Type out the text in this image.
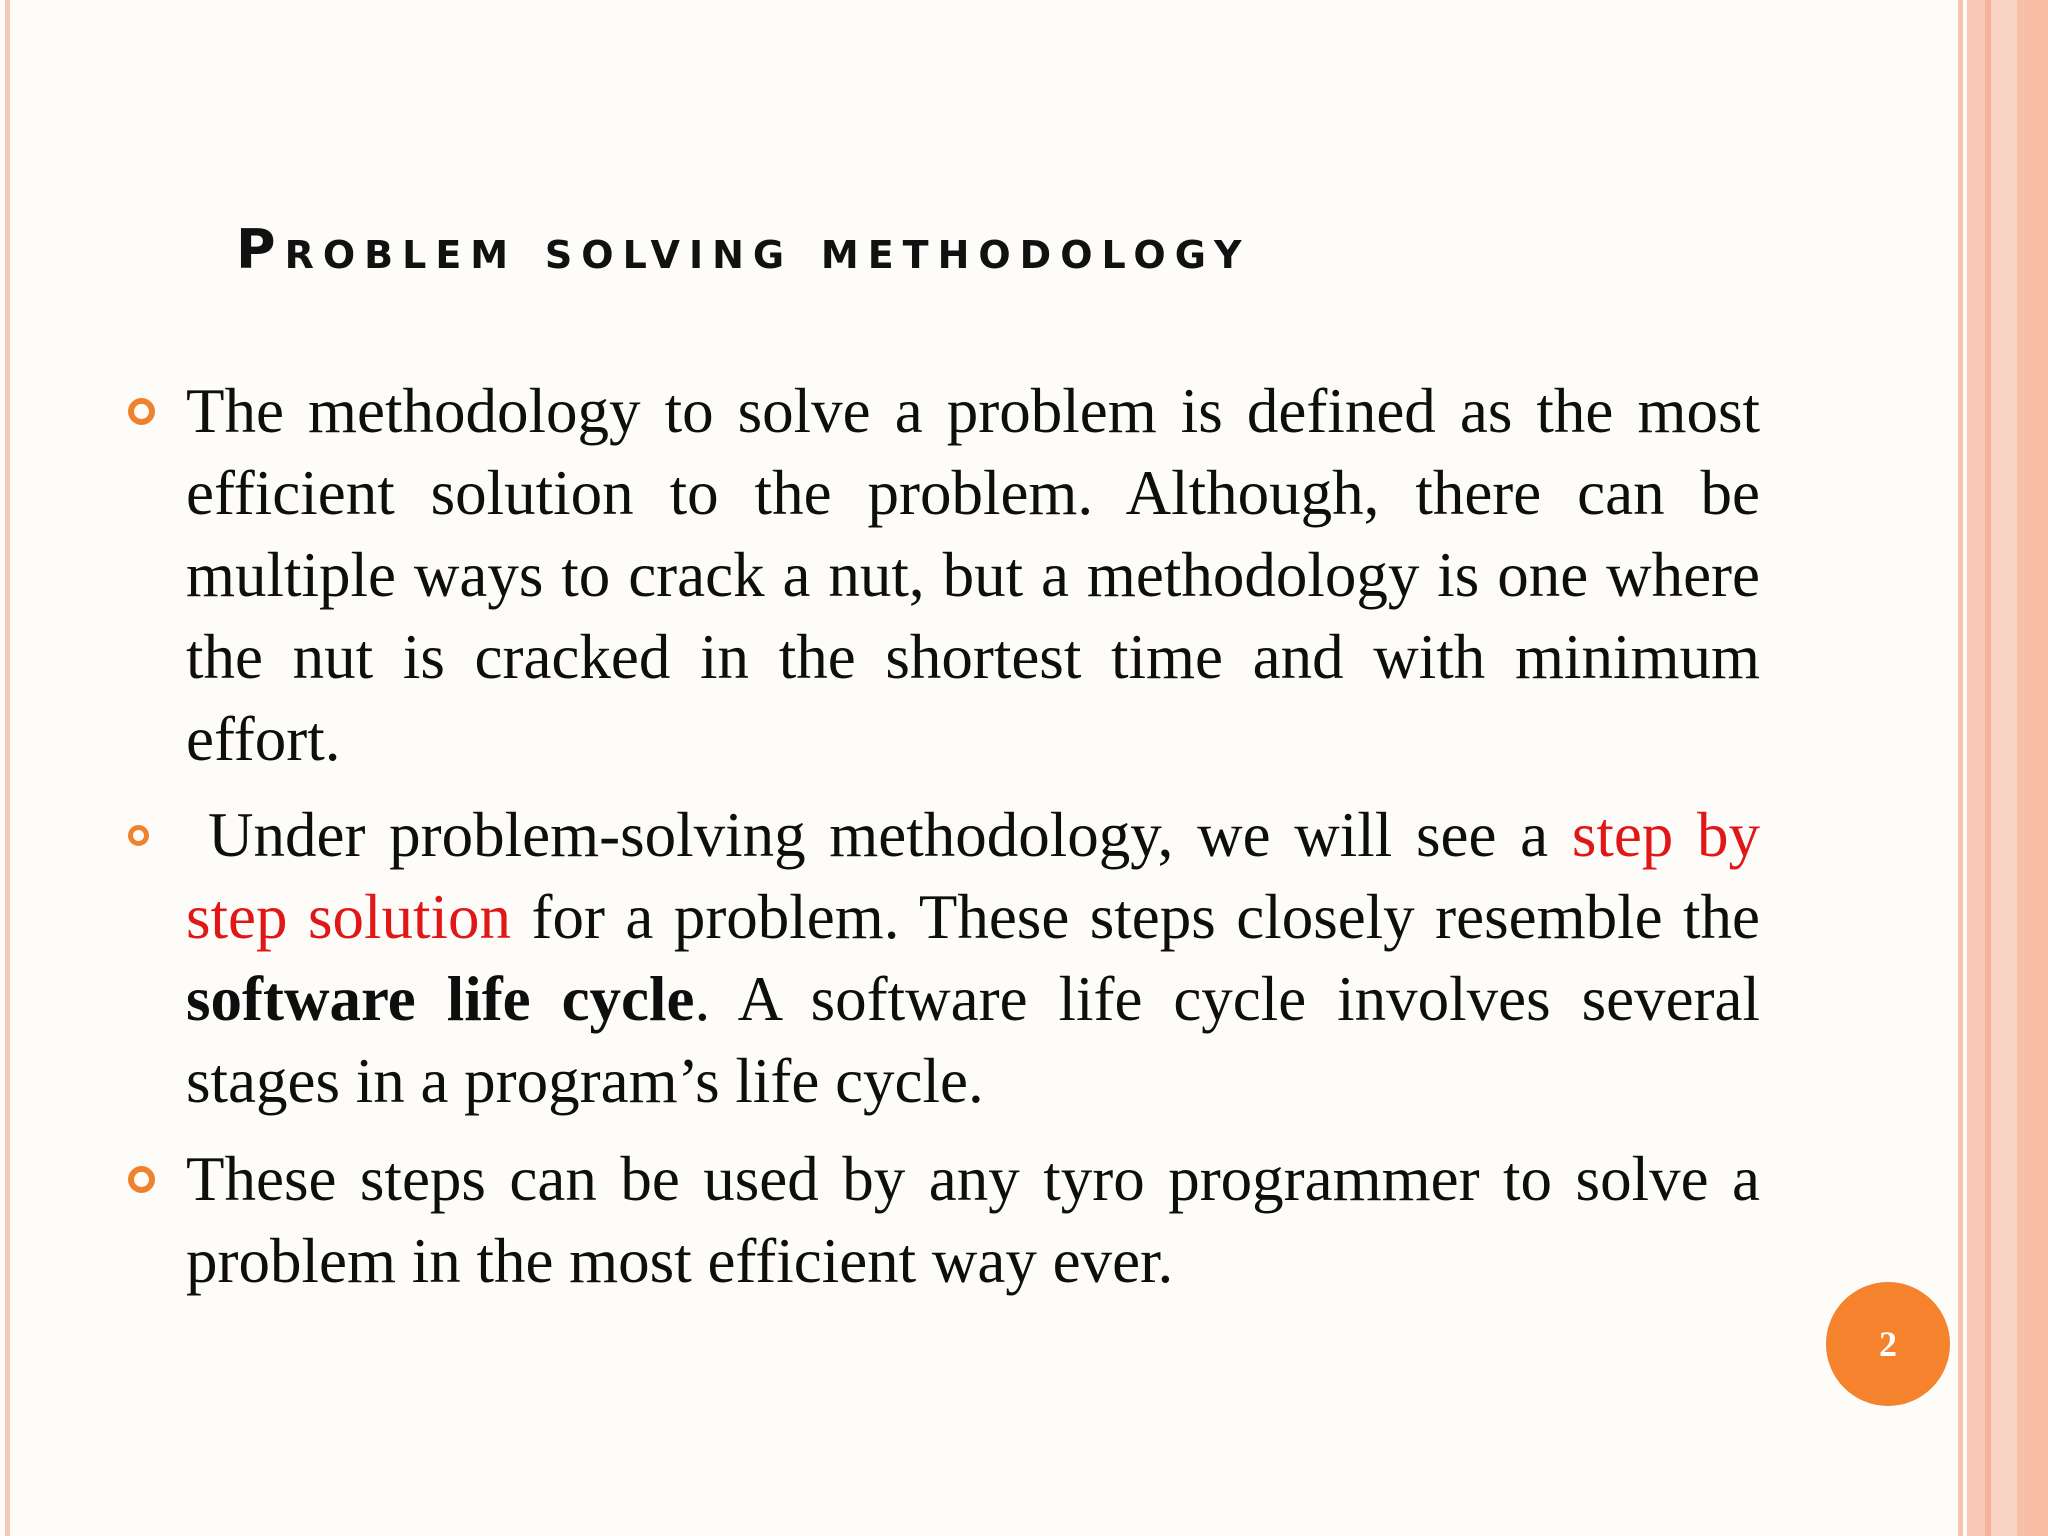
Problem solving methodology
The methodology to solve a problem is defined as the most efficient solution to the problem. Although, there can be multiple ways to crack a nut, but a methodology is one where the nut is cracked in the shortest time and with minimum effort.
Under problem-solving methodology, we will see a step by step solution for a problem. These steps closely resemble the software life cycle. A software life cycle involves several stages in a program’s life cycle.
These steps can be used by any tyro programmer to solve a problem in the most efficient way ever.
2
